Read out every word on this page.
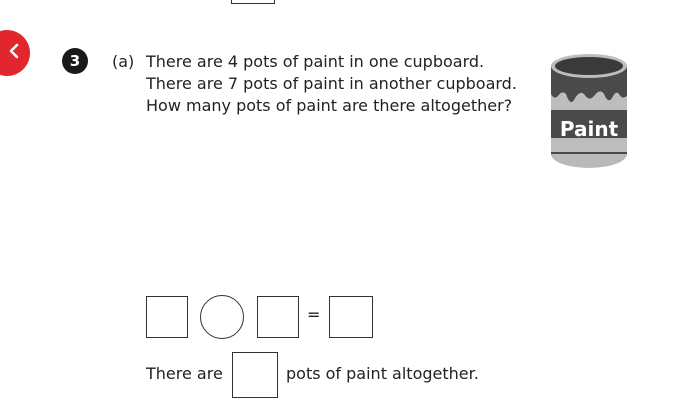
3	(a) There are 4 pots of paint in one cupboard.
There are 7 pots of paint in another cupboard.
How many pots of paint are there altogether?
Paint
=
There are	pots of paint altogether.
